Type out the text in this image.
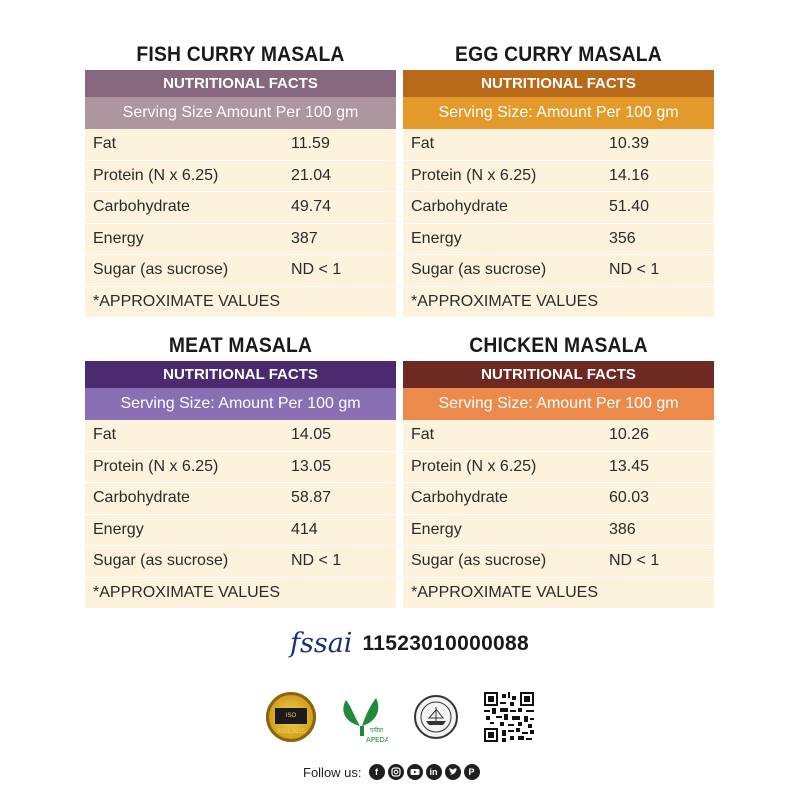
FISH CURRY MASALA
NUTRITIONAL FACTS
Serving Size Amount Per 100 gm
Fat	11.59
Protein (N x 6.25)	21.04
Carbohydrate	49.74
Energy	387
Sugar (as sucrose)	ND < 1
*APPROXIMATE VALUES
EGG CURRY MASALA
NUTRITIONAL FACTS
Serving Size: Amount Per 100 gm
Fat	10.39
Protein (N x 6.25)	14.16
Carbohydrate	51.40
Energy	356
Sugar (as sucrose)	ND < 1
*APPROXIMATE VALUES
MEAT MASALA
NUTRITIONAL FACTS
Serving Size: Amount Per 100 gm
Fat	14.05
Protein (N x 6.25)	13.05
Carbohydrate	58.87
Energy	414
Sugar (as sucrose)	ND < 1
*APPROXIMATE VALUES
CHICKEN MASALA
NUTRITIONAL FACTS
Serving Size: Amount Per 100 gm
Fat	10.26
Protein (N x 6.25)	13.45
Carbohydrate	60.03
Energy	386
Sugar (as sucrose)	ND < 1
*APPROXIMATE VALUES
fssai 11523010000088
ISO 9001:2015	एपीडा
APEDA
Follow us:	f	in	P
